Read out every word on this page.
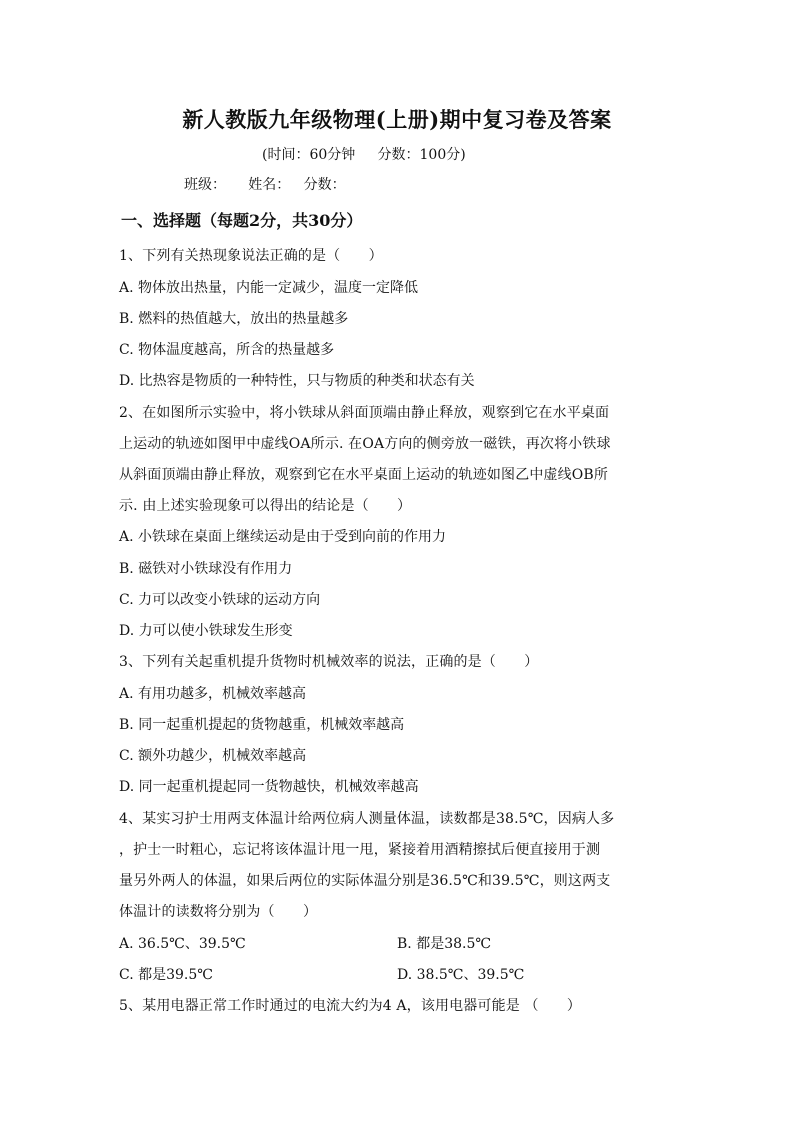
新人教版九年级物理(上册)期中复习卷及答案
(时间：60分钟     分数：100分)
班级：     姓名：   分数：
一、选择题（每题2分，共30分）
1、下列有关热现象说法正确的是（　　）
A. 物体放出热量，内能一定减少，温度一定降低
B. 燃料的热值越大，放出的热量越多
C. 物体温度越高，所含的热量越多
D. 比热容是物质的一种特性，只与物质的种类和状态有关
2、在如图所示实验中，将小铁球从斜面顶端由静止释放，观察到它在水平桌面
上运动的轨迹如图甲中虚线OA所示. 在OA方向的侧旁放一磁铁，再次将小铁球
从斜面顶端由静止释放，观察到它在水平桌面上运动的轨迹如图乙中虚线OB所
示. 由上述实验现象可以得出的结论是（　　）
A. 小铁球在桌面上继续运动是由于受到向前的作用力
B. 磁铁对小铁球没有作用力
C. 力可以改变小铁球的运动方向
D. 力可以使小铁球发生形变
3、下列有关起重机提升货物时机械效率的说法，正确的是（　　）
A. 有用功越多，机械效率越高
B. 同一起重机提起的货物越重，机械效率越高
C. 额外功越少，机械效率越高
D. 同一起重机提起同一货物越快，机械效率越高
4、某实习护士用两支体温计给两位病人测量体温，读数都是38.5℃，因病人多
，护士一时粗心，忘记将该体温计甩一甩，紧接着用酒精擦拭后便直接用于测
量另外两人的体温，如果后两位的实际体温分别是36.5℃和39.5℃，则这两支
体温计的读数将分别为（　　）
A. 36.5℃、39.5℃	B. 都是38.5℃
C. 都是39.5℃	D. 38.5℃、39.5℃
5、某用电器正常工作时通过的电流大约为4 A，该用电器可能是 （　　）
